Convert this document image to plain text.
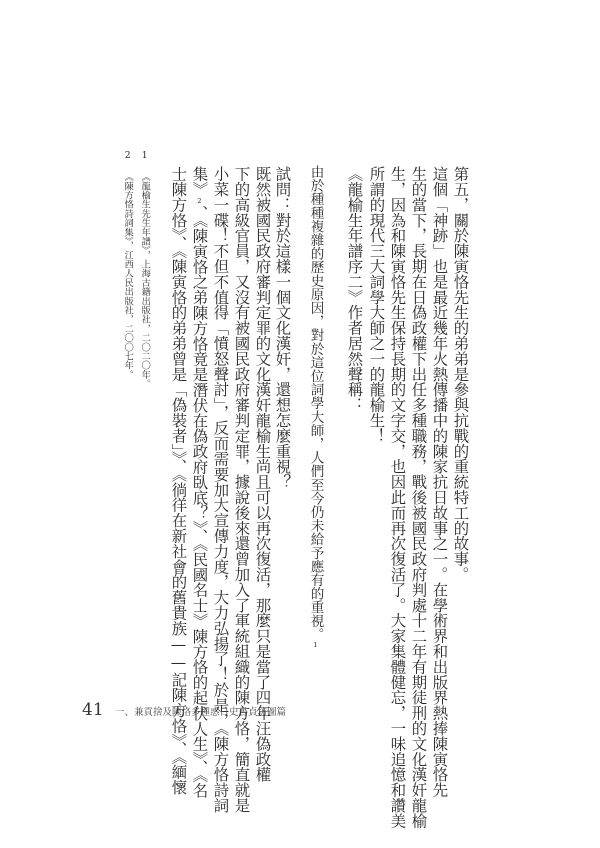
第五，關於陳寅恪先生的弟弟是參與抗戰的重統特工的故事。
這個「神跡」也是最近幾年火熱傳播中的陳家抗日故事之一。在學術界和出版界熱捧陳寅恪先
生的當下，長期在日偽政權下出任多種職務，戰後被國民政府判處十二年有期徒刑的文化漢奸龍榆
生，因為和陳寅恪先生保持長期的文字交，也因此而再次復活了。大家集體健忘，一味追憶和讚美
所謂的現代三大詞學大師之一的龍榆生！
《龍榆生年譜序二》作者居然聲稱：
由於種種複雜的歷史原因，對於這位詞學大師，人們至今仍未給予應有的重視。1
試問：對於這樣一個文化漢奸，還想怎麼重視？
既然被國民政府審判定罪的文化漢奸龍榆生尚且可以再次復活，那麼只是當了四年汪偽政權
下的高級官員，又沒有被國民政府審判定罪，據說後來還曾加入了軍統組織的陳方恪，簡直就是
小菜一碟！不但不值得「憤怒聲討」，反而需要加大宣傳力度，大力弘揚了！於是，《陳方恪詩詞
集》2、《陳寅恪之弟陳方恪竟是潛伏在偽政府臥底？》、《民國名士》陳方恪的起伏人生》、《名
士陳方恪》、《陳寅恪的弟弟曾是「偽裝者」》、《徜徉在新社會的舊貴族——記陳方恪》、《緬懷
1 《龍榆生先生年譜》，上海古籍出版社，二〇二〇年。
2 《陳方恪詩詞集》，江西人民出版社，二〇〇七年。
41 一、兼貢捨及陳恪多種惑日史書貞坊圖篇
